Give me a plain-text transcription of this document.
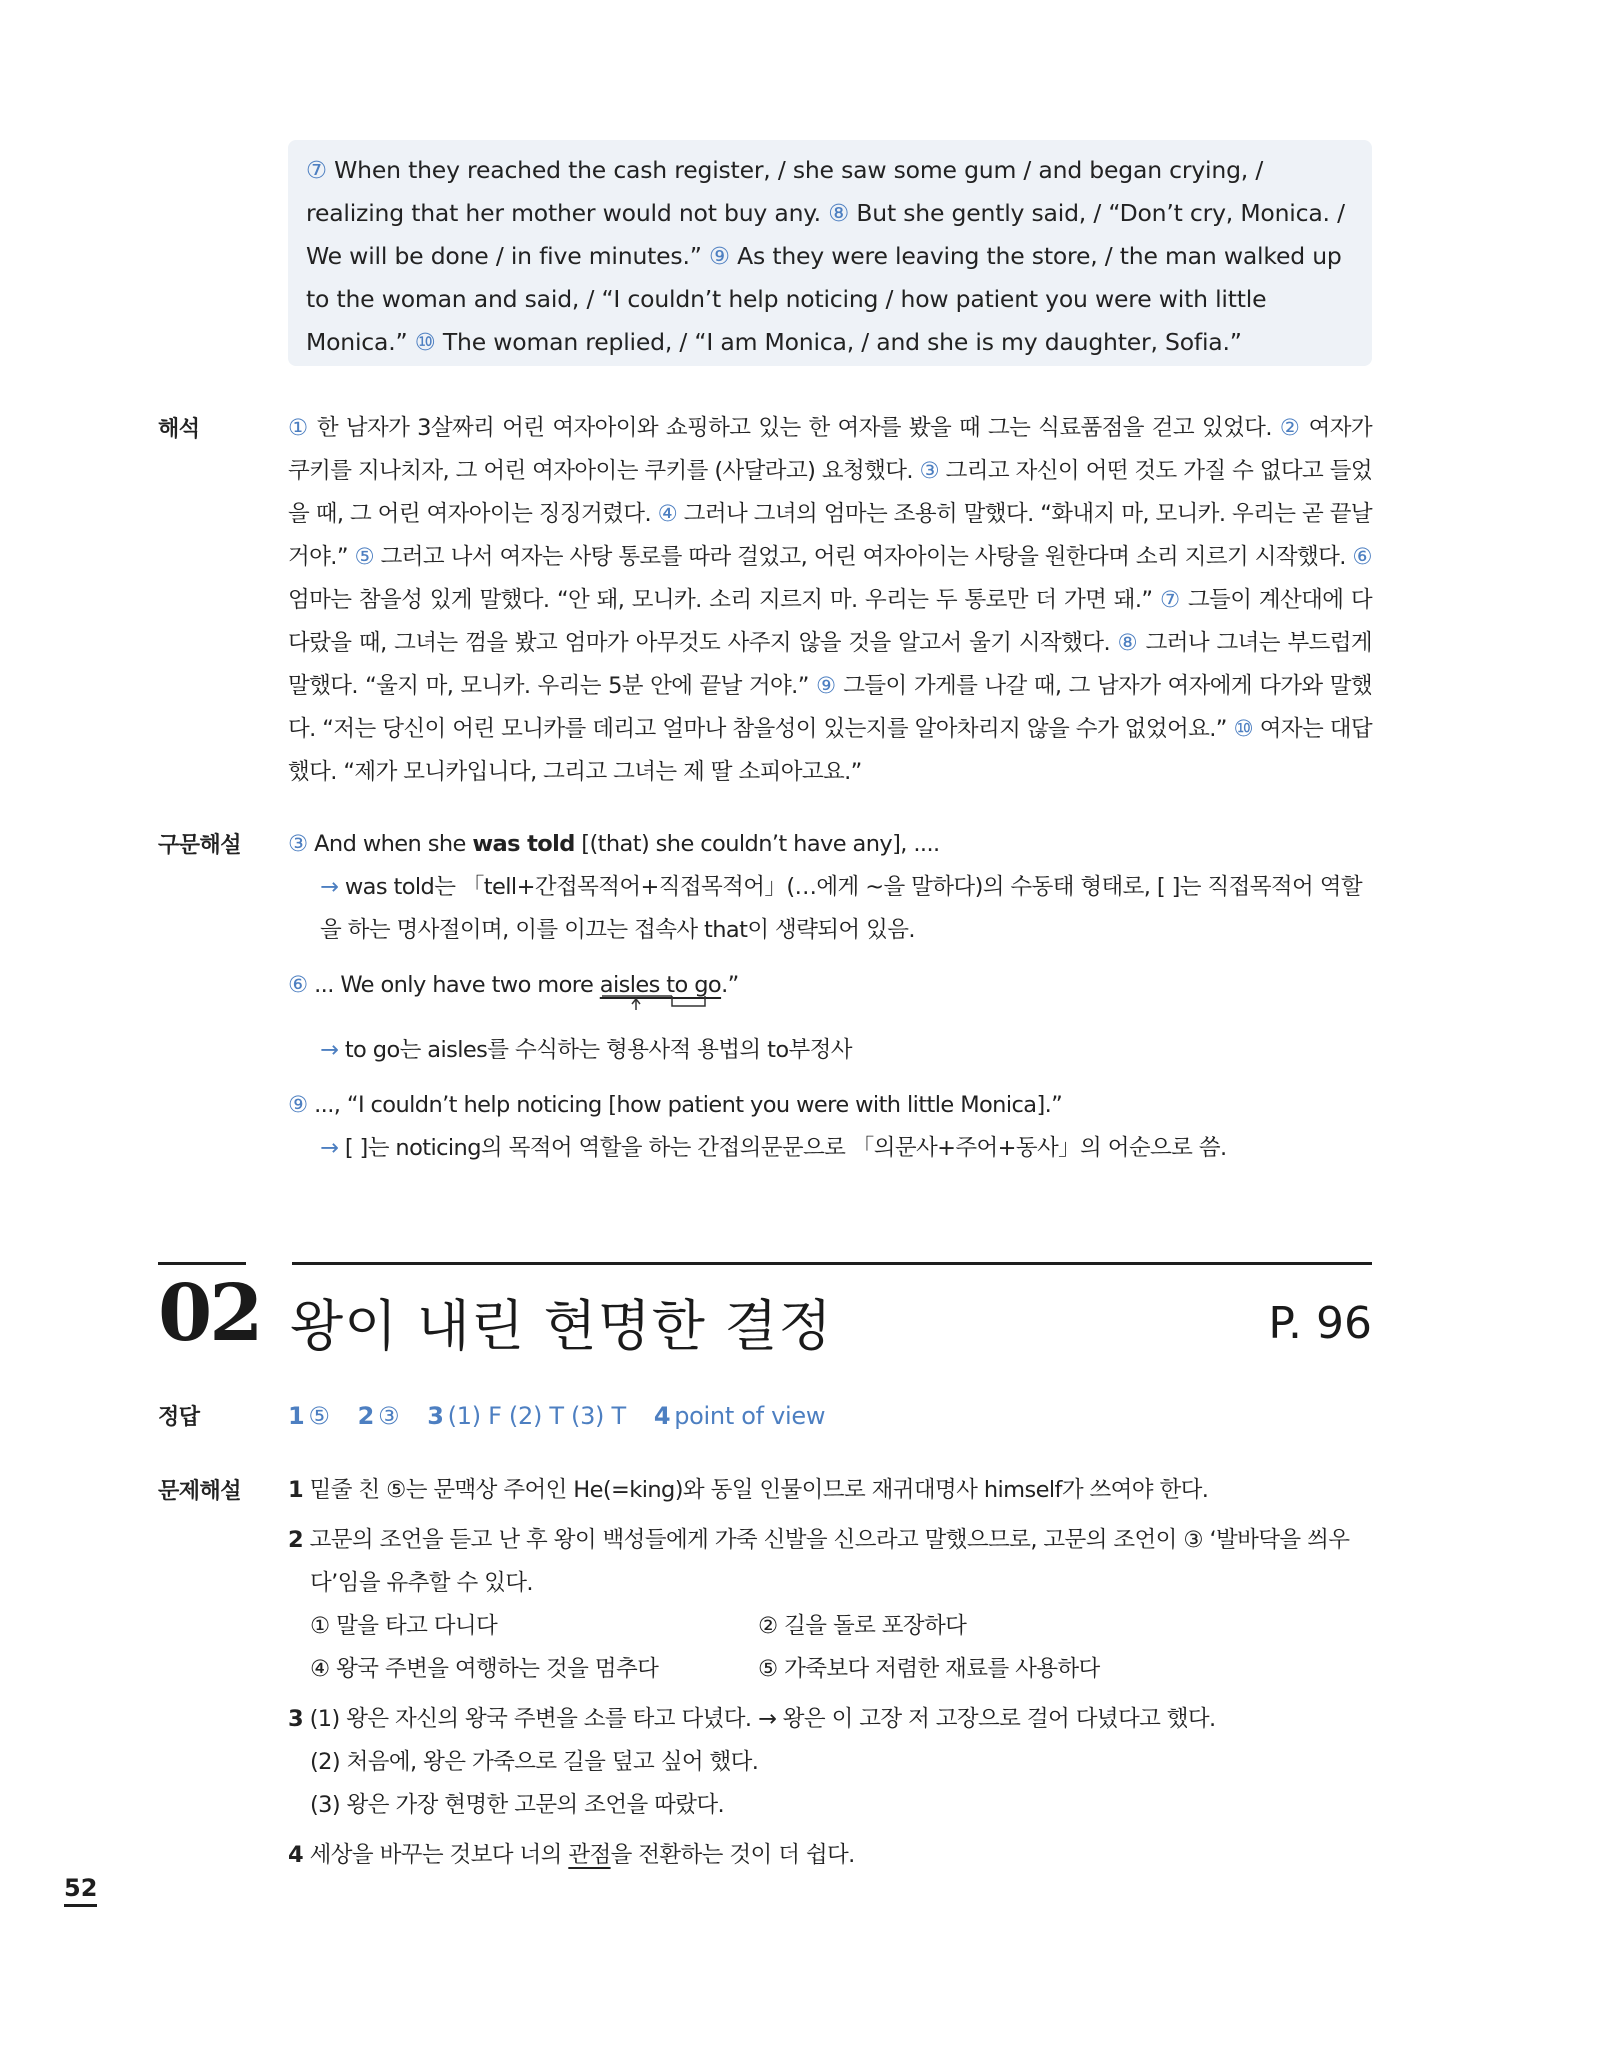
⑦ When they reached the cash register, / she saw some gum / and began crying, / realizing that her mother would not buy any. ⑧ But she gently said, / “Don’t cry, Monica. / We will be done / in five minutes.” ⑨ As they were leaving the store, / the man walked up to the woman and said, / “I couldn’t help noticing / how patient you were with little Monica.” ⑩ The woman replied, / “I am Monica, / and she is my daughter, Sofia.”

해석	① 한 남자가 3살짜리 어린 여자아이와 쇼핑하고 있는 한 여자를 봤을 때 그는 식료품점을 걷고 있었다. ② 여자가 쿠키를 지나치자, 그 어린 여자아이는 쿠키를 (사달라고) 요청했다. ③ 그리고 자신이 어떤 것도 가질 수 없다고 들었을 때, 그 어린 여자아이는 징징거렸다. ④ 그러나 그녀의 엄마는 조용히 말했다. “화내지 마, 모니카. 우리는 곧 끝날 거야.” ⑤ 그러고 나서 여자는 사탕 통로를 따라 걸었고, 어린 여자아이는 사탕을 원한다며 소리 지르기 시작했다. ⑥ 엄마는 참을성 있게 말했다. “안 돼, 모니카. 소리 지르지 마. 우리는 두 통로만 더 가면 돼.” ⑦ 그들이 계산대에 다다랐을 때, 그녀는 껌을 봤고 엄마가 아무것도 사주지 않을 것을 알고서 울기 시작했다. ⑧ 그러나 그녀는 부드럽게 말했다. “울지 마, 모니카. 우리는 5분 안에 끝날 거야.” ⑨ 그들이 가게를 나갈 때, 그 남자가 여자에게 다가와 말했다. “저는 당신이 어린 모니카를 데리고 얼마나 참을성이 있는지를 알아차리지 않을 수가 없었어요.” ⑩ 여자는 대답했다. “제가 모니카입니다, 그리고 그녀는 제 딸 소피아고요.”

구문해설 ③ And when she was told [(that) she couldn’t have any], ....

→ was told는 「tell+간접목적어+직접목적어」(…에게 ~을 말하다)의 수동태 형태로, [ ]는 직접목적어 역할을 하는 명사절이며, 이를 이끄는 접속사 that이 생략되어 있음.

⑥ ... We only have two more aisles to go
.”

→ to go는 aisles를 수식하는 형용사적 용법의 to부정사

⑨ ..., “I couldn’t help noticing [how patient you were with little Monica].”

→ [ ]는 noticing의 목적어 역할을 하는 간접의문문으로 「의문사+주어+동사」의 어순으로 씀.

02 왕이 내린 현명한 결정	P. 96
정답	1 ⑤ 2 ③ 3 (1) F (2) T (3) T 4 point of view
문제해설 1 밑줄 친 ⑤는 문맥상 주어인 He(=king)와 동일 인물이므로 재귀대명사 himself가 쓰여야 한다.

2 고문의 조언을 듣고 난 후 왕이 백성들에게 가죽 신발을 신으라고 말했으므로, 고문의 조언이 ③ ‘발바닥을 씌우다’임을 유추할 수 있다.

① 말을 타고 다니다	② 길을 돌로 포장하다
④ 왕국 주변을 여행하는 것을 멈추다	⑤ 가죽보다 저렴한 재료를 사용하다

3 (1) 왕은 자신의 왕국 주변을 소를 타고 다녔다. → 왕은 이 고장 저 고장으로 걸어 다녔다고 했다.

(2) 처음에, 왕은 가죽으로 길을 덮고 싶어 했다.

(3) 왕은 가장 현명한 고문의 조언을 따랐다.

4 세상을 바꾸는 것보다 너의 관점을 전환하는 것이 더 쉽다.

52
